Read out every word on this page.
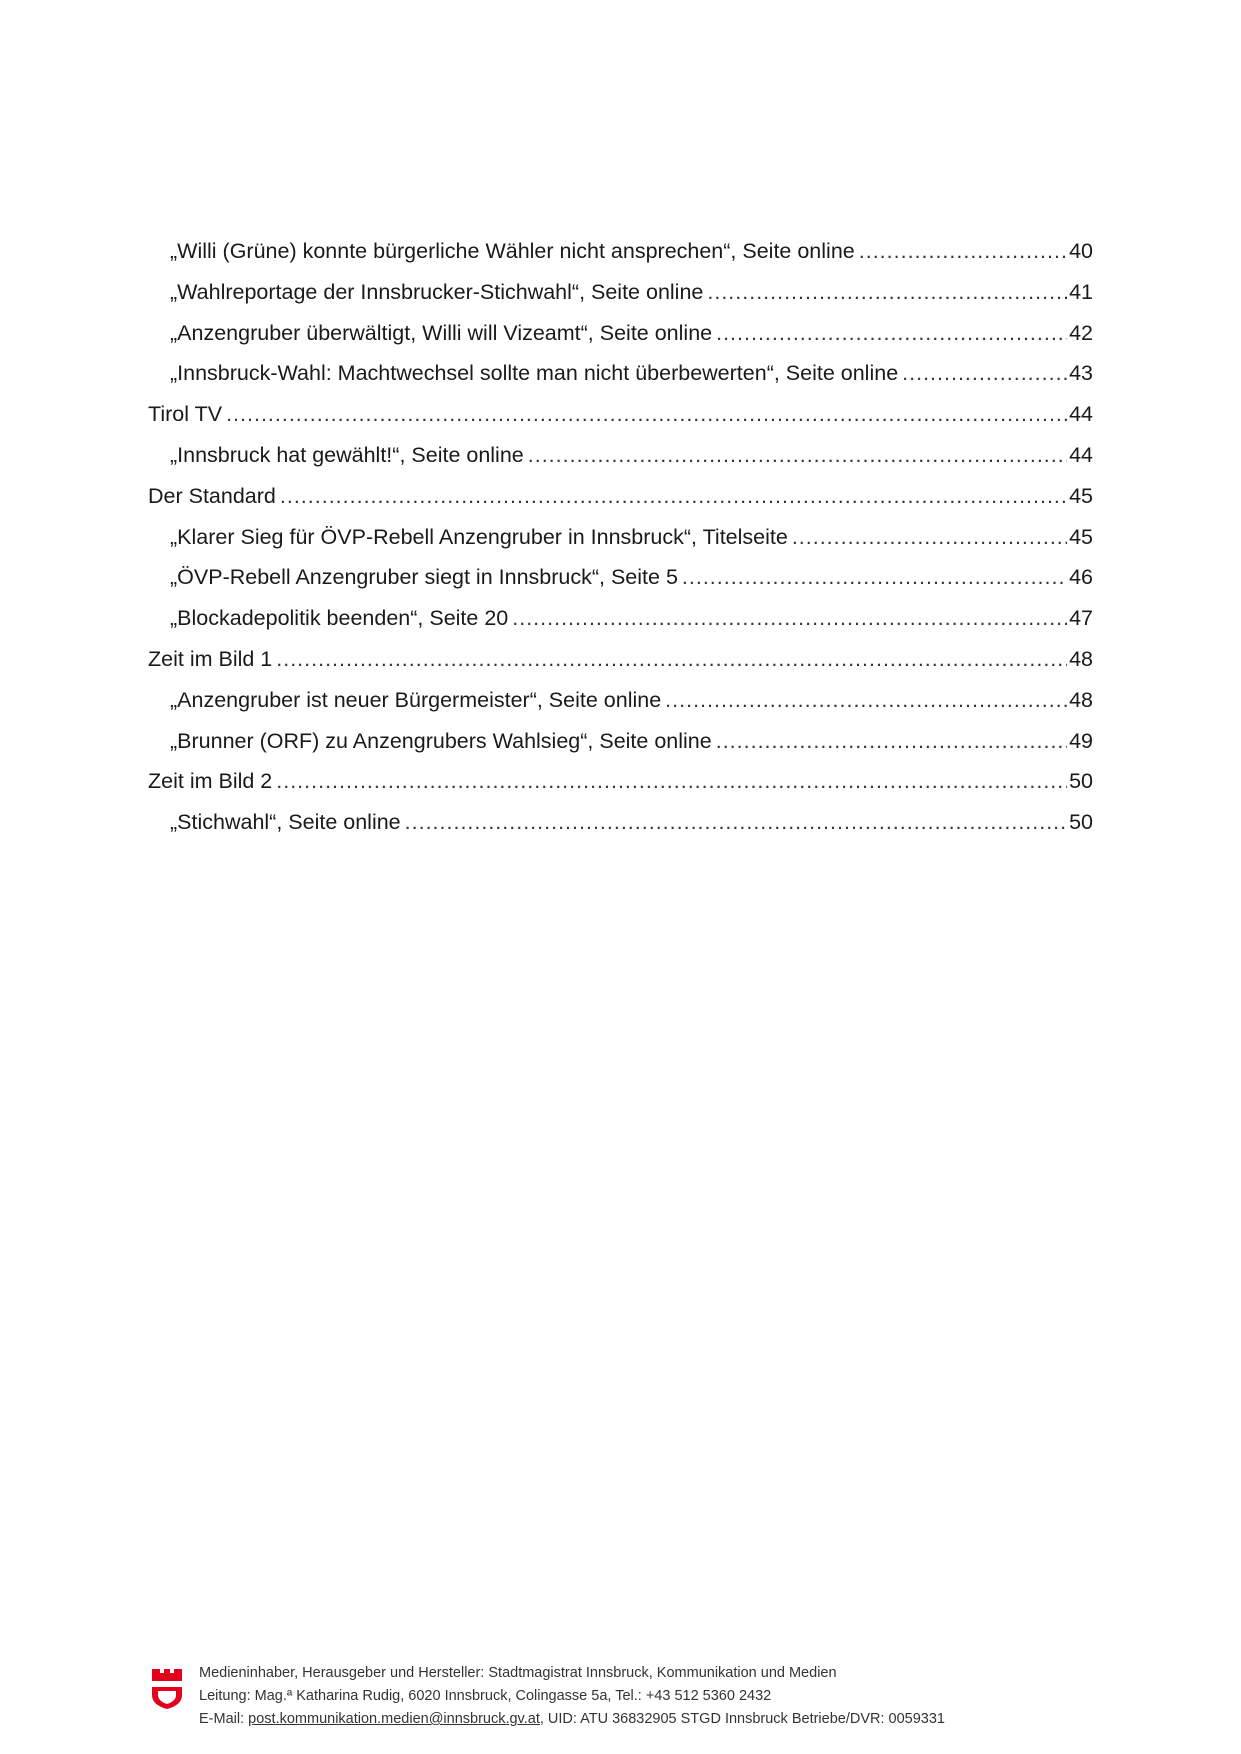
„Willi (Grüne) konnte bürgerliche Wähler nicht ansprechen“, Seite online .....	40
„Wahlreportage der Innsbrucker-Stichwahl“, Seite online .....	41
„Anzengruber überwältigt, Willi will Vizeamt“, Seite online .....	42
„Innsbruck-Wahl: Machtwechsel sollte man nicht überbewerten“, Seite online .....	43
Tirol TV .....	44
„Innsbruck hat gewählt!“, Seite online .....	44
Der Standard .....	45
„Klarer Sieg für ÖVP-Rebell Anzengruber in Innsbruck“, Titelseite .....	45
„ÖVP-Rebell Anzengruber siegt in Innsbruck“, Seite 5 .....	46
„Blockadepolitik beenden“, Seite 20 .....	47
Zeit im Bild 1 .....	48
„Anzengruber ist neuer Bürgermeister“, Seite online .....	48
„Brunner (ORF) zu Anzengrubers Wahlsieg“, Seite online .....	49
Zeit im Bild 2 .....	50
„Stichwahl“, Seite online .....	50
Medieninhaber, Herausgeber und Hersteller: Stadtmagistrat Innsbruck, Kommunikation und Medien
Leitung: Mag.ª Katharina Rudig, 6020 Innsbruck, Colingasse 5a, Tel.: +43 512 5360 2432
E-Mail: post.kommunikation.medien@innsbruck.gv.at, UID: ATU 36832905 STGD Innsbruck Betriebe/DVR: 0059331
